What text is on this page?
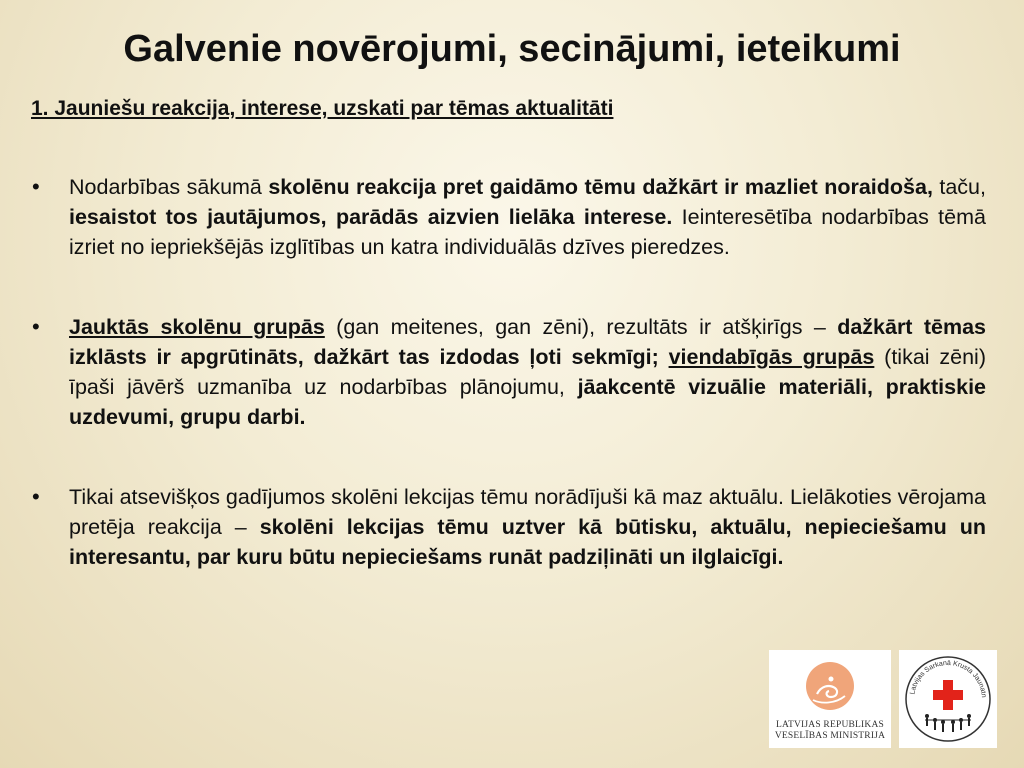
Galvenie novērojumi, secinājumi, ieteikumi
1. Jauniešu reakcija, interese, uzskati par tēmas aktualitāti
• Nodarbības sākumā skolēnu reakcija pret gaidāmo tēmu dažkārt ir mazliet noraidoša, taču, iesaistot tos jautājumos, parādās aizvien lielāka interese. Ieinteresētība nodarbības tēmā izriet no iepriekšējās izglītības un katra individuālās dzīves pieredzes.
• Jauktās skolēnu grupās (gan meitenes, gan zēni), rezultāts ir atšķirīgs – dažkārt tēmas izklāsts ir apgrūtināts, dažkārt tas izdodas ļoti sekmīgi; viendabīgās grupās (tikai zēni) īpaši jāvērš uzmanība uz nodarbības plānojumu, jāakcentē vizuālie materiāli, praktiskie uzdevumi, grupu darbi.
• Tikai atsevišķos gadījumos skolēni lekcijas tēmu norādījuši kā maz aktuālu. Lielākoties vērojama pretēja reakcija – skolēni lekcijas tēmu uztver kā būtisku, aktuālu, nepieciešamu un interesantu, par kuru būtu nepieciešams runāt padziļināti un ilglaicīgi.
LATVIJAS REPUBLIKAS
VESELĪBAS MINISTRIJA
Latvijas Sarkanā Krusta Jaunatn
